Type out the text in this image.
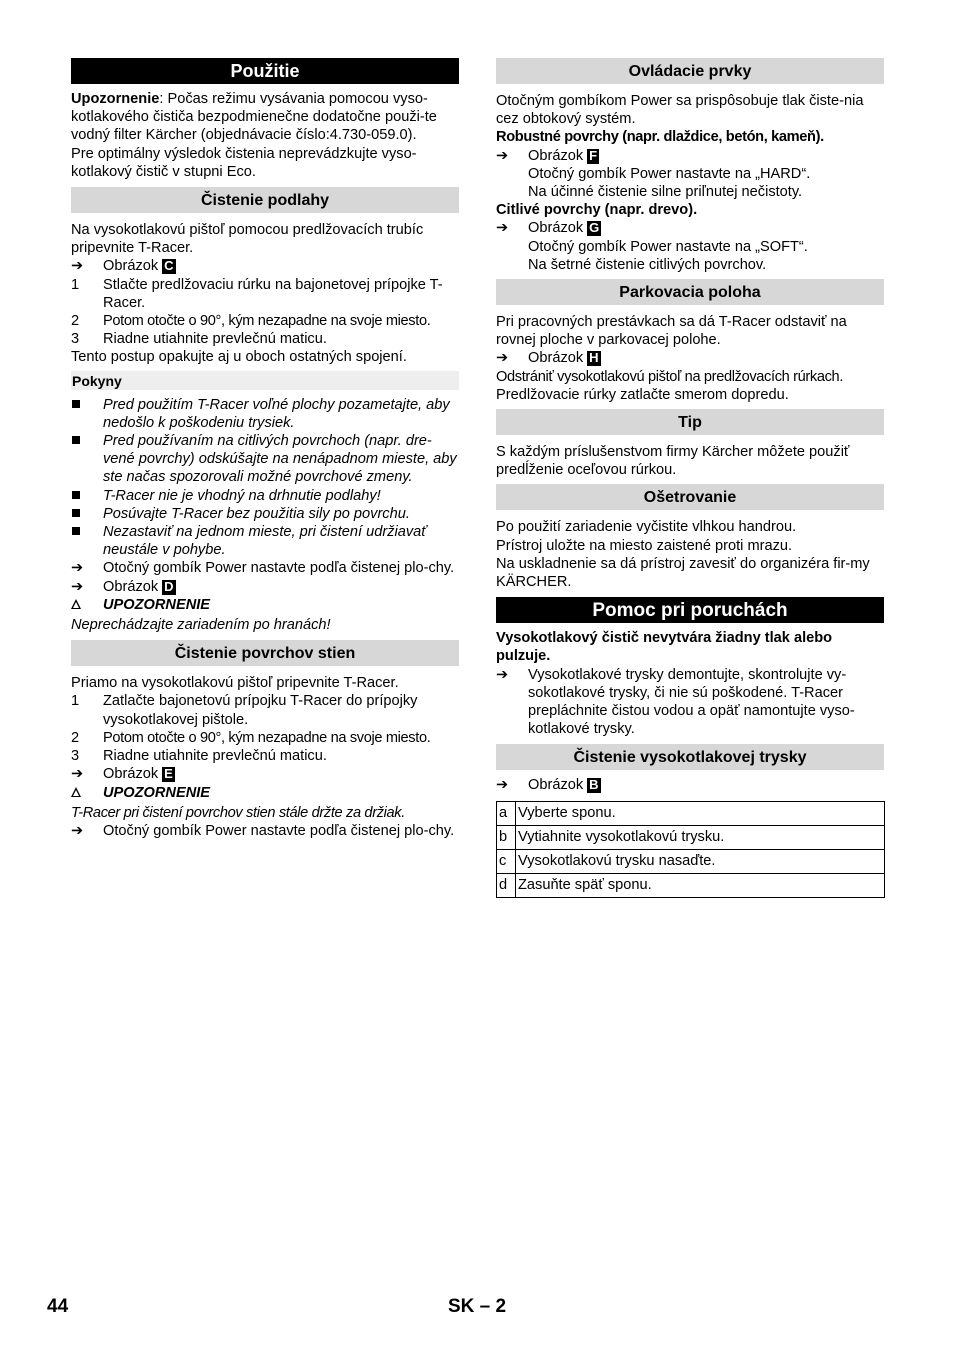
Použitie

Upozornenie: Počas režimu vysávania pomocou vyso-kotlakového čističa bezpodmienečne dodatočne použi-te vodný filter Kärcher (objednávacie číslo:4.730-059.0).

Pre optimálny výsledok čistenia neprevádzkujte vyso-kotlakový čistič v stupni Eco.

Čistenie podlahy

Na vysokotlakovú pištoľ pomocou predlžovacích trubíc pripevnite T-Racer.

➔	Obrázok C
1	Stlačte predlžovaciu rúrku na bajonetovej prípojke T-Racer.
2	Potom otočte o 90°, kým nezapadne na svoje miesto.
3	Riadne utiahnite prevlečnú maticu.

Tento postup opakujte aj u oboch ostatných spojení.

Pokyny
Pred použitím T-Racer voľné plochy pozametajte, aby nedošlo k poškodeniu trysiek.
Pred používaním na citlivých povrchoch (napr. dre-vené povrchy) odskúšajte na nenápadnom mieste, aby ste načas spozorovali možné povrchové zmeny.
T-Racer nie je vhodný na drhnutie podlahy!
Posúvajte T-Racer bez použitia sily po povrchu.
Nezastaviť na jednom mieste, pri čistení udržiavať neustále v pohybe.
➔	Otočný gombík Power nastavte podľa čistenej plo-chy.
➔	Obrázok D
UPOZORNENIE

Neprechádzajte zariadením po hranách!

Čistenie povrchov stien

Priamo na vysokotlakovú pištoľ pripevnite T-Racer.

1	Zatlačte bajonetovú prípojku T-Racer do prípojky vysokotlakovej pištole.
2	Potom otočte o 90°, kým nezapadne na svoje miesto.
3	Riadne utiahnite prevlečnú maticu.
➔	Obrázok E
UPOZORNENIE

T-Racer pri čistení povrchov stien stále držte za držiak.

➔	Otočný gombík Power nastavte podľa čistenej plo-chy.
Ovládacie prvky

Otočným gombíkom Power sa prispôsobuje tlak čiste-nia cez obtokový systém.

Robustné povrchy (napr. dlaždice, betón, kameň).

➔	Obrázok F
Otočný gombík Power nastavte na „HARD“.
Na účinné čistenie silne priľnutej nečistoty.

Citlivé povrchy (napr. drevo).

➔	Obrázok G
Otočný gombík Power nastavte na „SOFT“.
Na šetrné čistenie citlivých povrchov.
Parkovacia poloha

Pri pracovných prestávkach sa dá T-Racer odstaviť na rovnej ploche v parkovacej polohe.

➔	Obrázok H

Odstrániť vysokotlakovú pištoľ na predlžovacích rúrkach.

Predlžovacie rúrky zatlačte smerom dopredu.

Tip

S každým príslušenstvom firmy Kärcher môžete použiť predĺženie oceľovou rúrkou.

Ošetrovanie

Po použití zariadenie vyčistite vlhkou handrou.

Prístroj uložte na miesto zaistené proti mrazu.

Na uskladnenie sa dá prístroj zavesiť do organizéra fir-my KÄRCHER.

Pomoc pri poruchách

Vysokotlakový čistič nevytvára žiadny tlak alebo pulzuje.

➔	Vysokotlakové trysky demontujte, skontrolujte vy-sokotlakové trysky, či nie sú poškodené. T-Racer prepláchnite čistou vodou a opäť namontujte vyso-kotlakové trysky.
Čistenie vysokotlakovej trysky
➔	Obrázok B
a	Vyberte sponu.
b	Vytiahnite vysokotlakovú trysku.
c	Vysokotlakovú trysku nasaďte.
d	Zasuňte späť sponu.
44	SK – 2
